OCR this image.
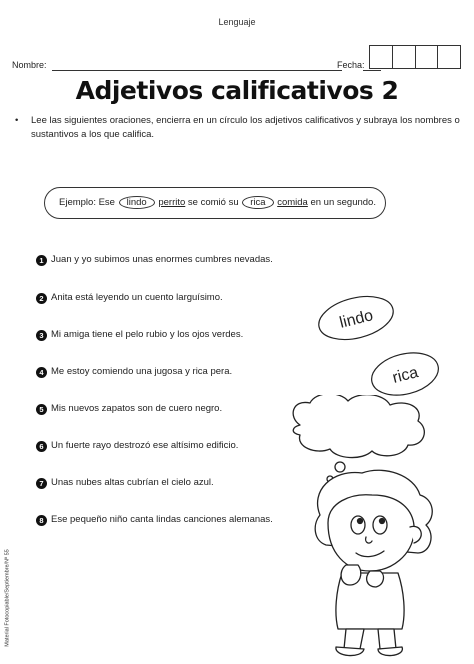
Lenguaje
Nombre:	Fecha:
Adjetivos calificativos 2
• Lee las siguientes oraciones, encierra en un círculo los adjetivos calificativos y subraya los nombres o sustantivos a los que califica.
Ejemplo: Ese lindo perrito se comió su rica comida en un segundo.
1 Juan y yo subimos unas enormes cumbres nevadas.
2 Anita está leyendo un cuento larguísimo.
3 Mi amiga tiene el pelo rubio y los ojos verdes.
4 Me estoy comiendo una jugosa y rica pera.
5 Mis nuevos zapatos son de cuero negro.
6 Un fuerte rayo destrozó ese altísimo edificio.
7 Unas nubes altas cubrían el cielo azul.
8 Ese pequeño niño canta lindas canciones alemanas.
lindo
rica
Material Fotocopiable/Septiembre/Nº 55
